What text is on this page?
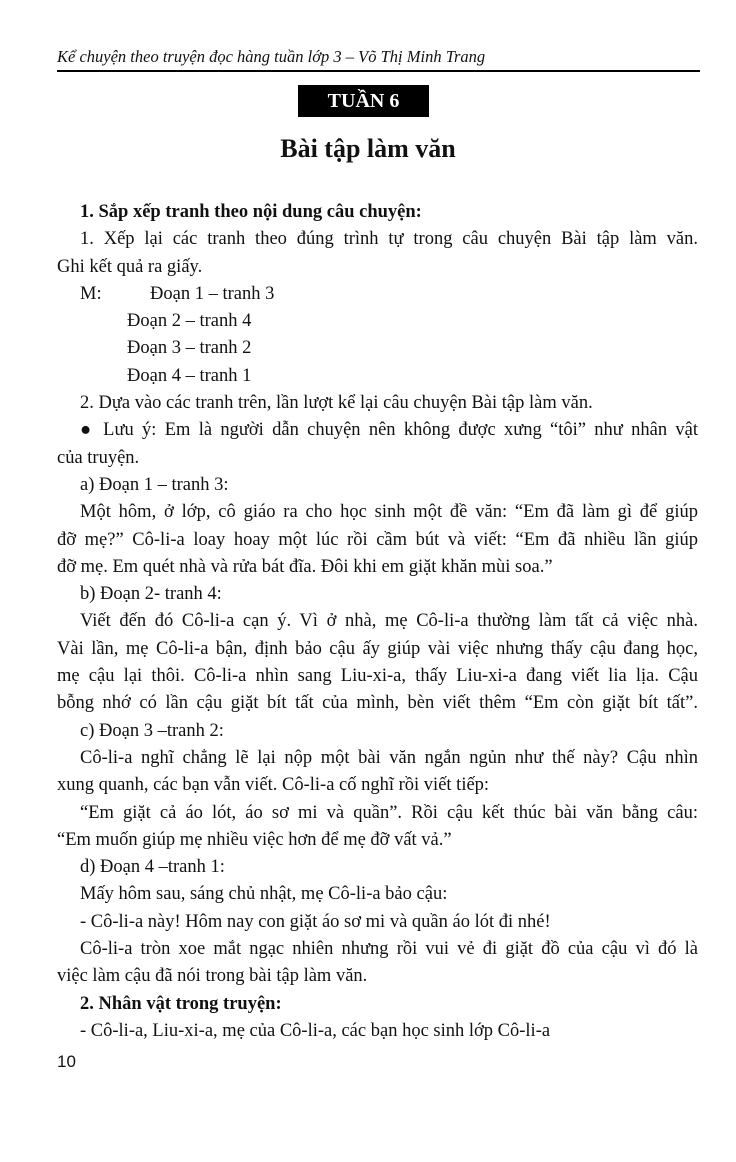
Kể chuyện theo truyện đọc hàng tuần lớp 3 – Võ Thị Minh Trang
TUẦN 6
Bài tập làm văn
1. Sắp xếp tranh theo nội dung câu chuyện:
1. Xếp lại các tranh theo đúng trình tự trong câu chuyện Bài tập làm văn.
Ghi kết quả ra giấy.
M:	Đoạn 1 – tranh 3
Đoạn 2 – tranh 4
Đoạn 3 – tranh 2
Đoạn 4 – tranh 1
2. Dựa vào các tranh trên, lần lượt kể lại câu chuyện Bài tập làm văn.
● Lưu ý: Em là người dẫn chuyện nên không được xưng “tôi” như nhân vật
của truyện.
a) Đoạn 1 – tranh 3:
Một hôm, ở lớp, cô giáo ra cho học sinh một đề văn: “Em đã làm gì để giúp
đỡ mẹ?” Cô-li-a loay hoay một lúc rồi cầm bút và viết: “Em đã nhiều lần giúp
đỡ mẹ. Em quét nhà và rửa bát đĩa. Đôi khi em giặt khăn mùi soa.”
b) Đoạn 2- tranh 4:
Viết đến đó Cô-li-a cạn ý. Vì ở nhà, mẹ Cô-li-a thường làm tất cả việc nhà.
Vài lần, mẹ Cô-li-a bận, định bảo cậu ấy giúp vài việc nhưng thấy cậu đang học,
mẹ cậu lại thôi. Cô-li-a nhìn sang Liu-xi-a, thấy Liu-xi-a đang viết lia lịa. Cậu
bỗng nhớ có lần cậu giặt bít tất của mình, bèn viết thêm “Em còn giặt bít tất”.
c) Đoạn 3 –tranh 2:
Cô-li-a nghĩ chẳng lẽ lại nộp một bài văn ngắn ngủn như thế này? Cậu nhìn
xung quanh, các bạn vẫn viết. Cô-li-a cố nghĩ rồi viết tiếp:
“Em giặt cả áo lót, áo sơ mi và quần”. Rồi cậu kết thúc bài văn bằng câu:
“Em muốn giúp mẹ nhiều việc hơn để mẹ đỡ vất vả.”
d) Đoạn 4 –tranh 1:
Mấy hôm sau, sáng chủ nhật, mẹ Cô-li-a bảo cậu:
- Cô-li-a này! Hôm nay con giặt áo sơ mi và quần áo lót đi nhé!
Cô-li-a tròn xoe mắt ngạc nhiên nhưng rồi vui vẻ đi giặt đồ của cậu vì đó là
việc làm cậu đã nói trong bài tập làm văn.
2. Nhân vật trong truyện:
- Cô-li-a, Liu-xi-a, mẹ của Cô-li-a, các bạn học sinh lớp Cô-li-a
10
